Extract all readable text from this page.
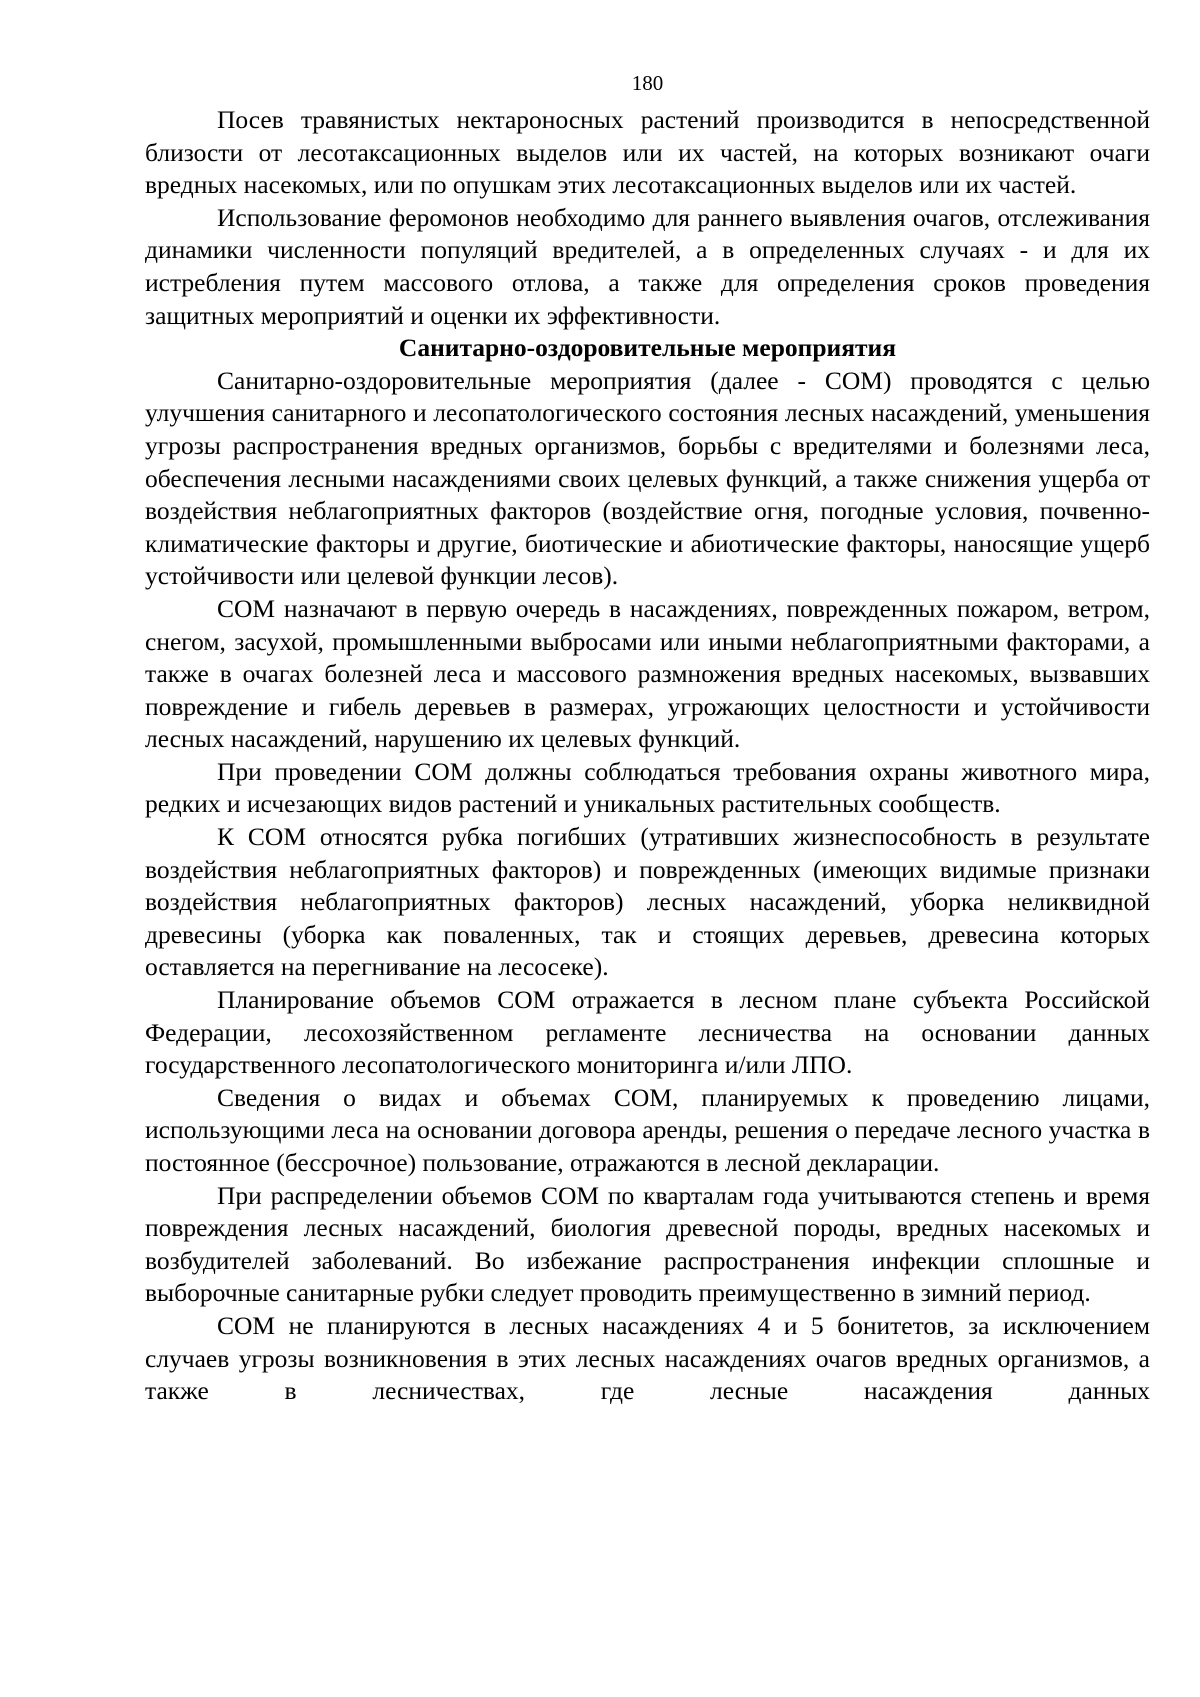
180

Посев травянистых нектароносных растений производится в непосредственной близости от лесотаксационных выделов или их частей, на которых возникают очаги вредных насекомых, или по опушкам этих лесотаксационных выделов или их частей.

Использование феромонов необходимо для раннего выявления очагов, отслеживания динамики численности популяций вредителей, а в определенных случаях - и для их истребления путем массового отлова, а также для определения сроков проведения защитных мероприятий и оценки их эффективности.

Санитарно-оздоровительные мероприятия

Санитарно-оздоровительные мероприятия (далее - СОМ) проводятся с целью улучшения санитарного и лесопатологического состояния лесных насаждений, уменьшения угрозы распространения вредных организмов, борьбы с вредителями и болезнями леса, обеспечения лесными насаждениями своих целевых функций, а также снижения ущерба от воздействия неблагоприятных факторов (воздействие огня, погодные условия, почвенно-климатические факторы и другие, биотические и абиотические факторы, наносящие ущерб устойчивости или целевой функции лесов).

СОМ назначают в первую очередь в насаждениях, поврежденных пожаром, ветром, снегом, засухой, промышленными выбросами или иными неблагоприятными факторами, а также в очагах болезней леса и массового размножения вредных насекомых, вызвавших повреждение и гибель деревьев в размерах, угрожающих целостности и устойчивости лесных насаждений, нарушению их целевых функций.

При проведении СОМ должны соблюдаться требования охраны животного мира, редких и исчезающих видов растений и уникальных растительных сообществ.

К СОМ относятся рубка погибших (утративших жизнеспособность в результате воздействия неблагоприятных факторов) и поврежденных (имеющих видимые признаки воздействия неблагоприятных факторов) лесных насаждений, уборка неликвидной древесины (уборка как поваленных, так и стоящих деревьев, древесина которых оставляется на перегнивание на лесосеке).

Планирование объемов СОМ отражается в лесном плане субъекта Российской Федерации, лесохозяйственном регламенте лесничества на основании данных государственного лесопатологического мониторинга и/или ЛПО.

Сведения о видах и объемах СОМ, планируемых к проведению лицами, использующими леса на основании договора аренды, решения о передаче лесного участка в постоянное (бессрочное) пользование, отражаются в лесной декларации.

При распределении объемов СОМ по кварталам года учитываются степень и время повреждения лесных насаждений, биология древесной породы, вредных насекомых и возбудителей заболеваний. Во избежание распространения инфекции сплошные и выборочные санитарные рубки следует проводить преимущественно в зимний период.

СОМ не планируются в лесных насаждениях 4 и 5 бонитетов, за исключением случаев угрозы возникновения в этих лесных насаждениях очагов вредных организмов, а также в лесничествах, где лесные насаждения данных
